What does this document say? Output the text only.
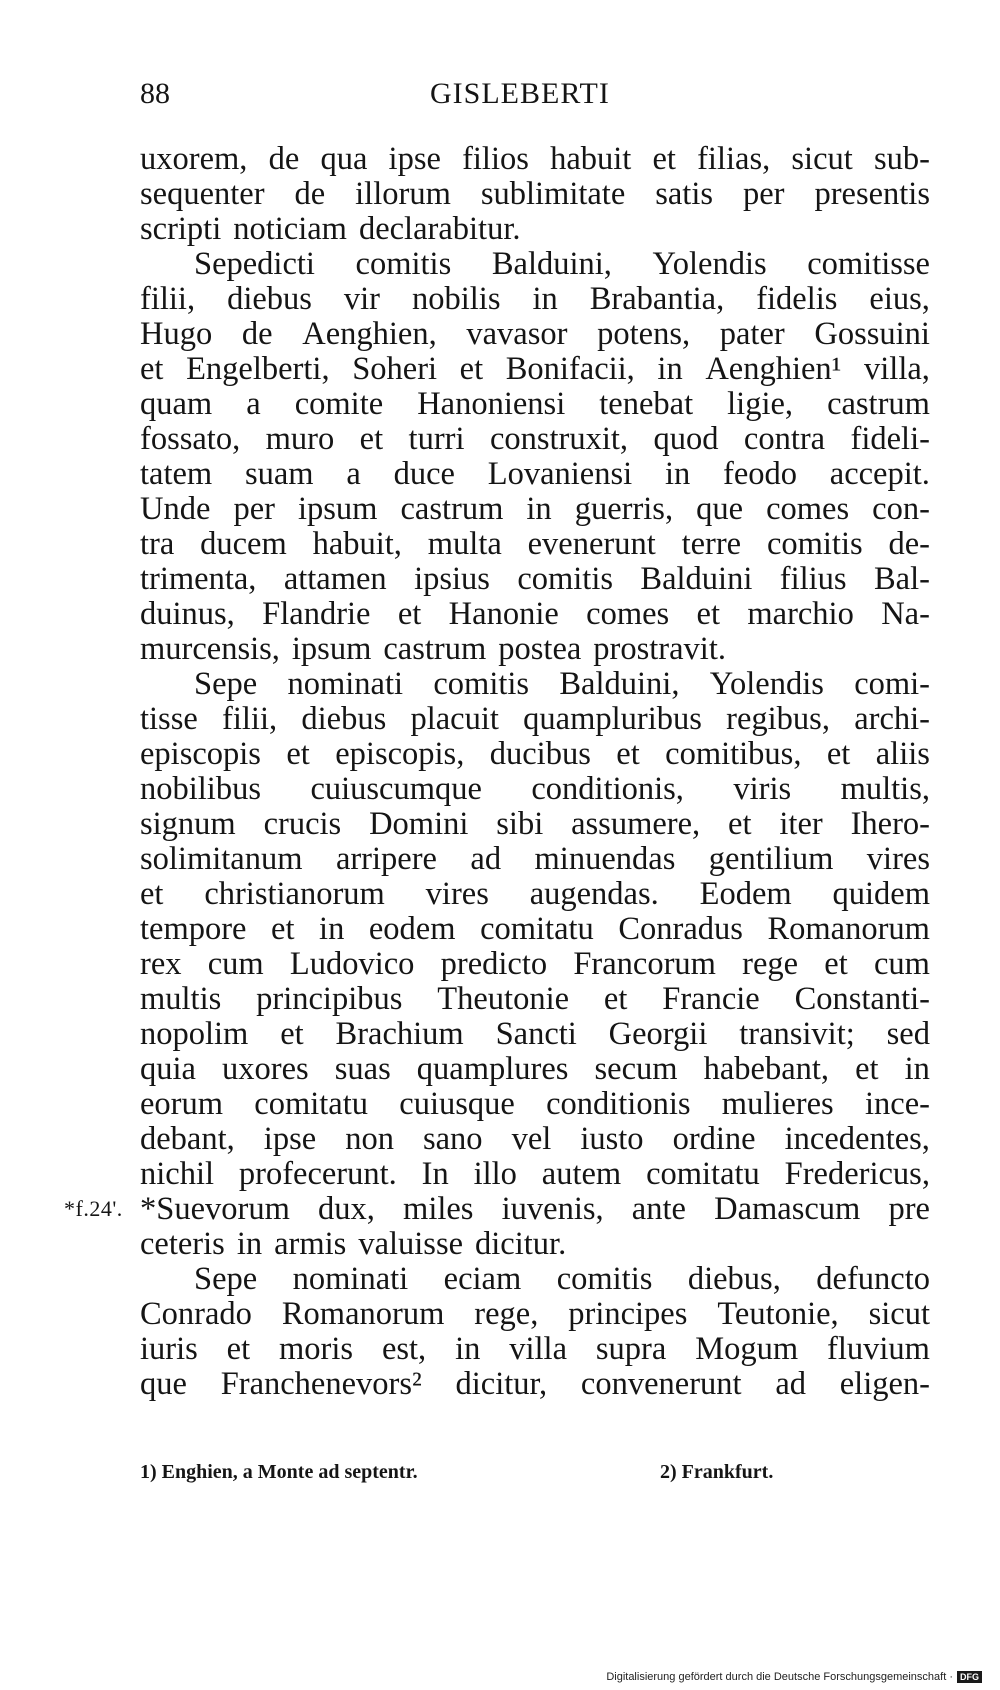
88	GISLEBERTI
*f.24'.
uxorem, de qua ipse filios habuit et filias, sicut sub-
sequenter de illorum sublimitate satis per presentis
scripti noticiam declarabitur.
Sepedicti comitis Balduini, Yolendis comitisse
filii, diebus vir nobilis in Brabantia, fidelis eius,
Hugo de Aenghien, vavasor potens, pater Gossuini
et Engelberti, Soheri et Bonifacii, in Aenghien¹ villa,
quam a comite Hanoniensi tenebat ligie, castrum
fossato, muro et turri construxit, quod contra fideli-
tatem suam a duce Lovaniensi in feodo accepit.
Unde per ipsum castrum in guerris, que comes con-
tra ducem habuit, multa evenerunt terre comitis de-
trimenta, attamen ipsius comitis Balduini filius Bal-
duinus, Flandrie et Hanonie comes et marchio Na-
murcensis, ipsum castrum postea prostravit.
Sepe nominati comitis Balduini, Yolendis comi-
tisse filii, diebus placuit quampluribus regibus, archi-
episcopis et episcopis, ducibus et comitibus, et aliis
nobilibus cuiuscumque conditionis, viris multis,
signum crucis Domini sibi assumere, et iter Ihero-
solimitanum arripere ad minuendas gentilium vires
et christianorum vires augendas. Eodem quidem
tempore et in eodem comitatu Conradus Romanorum
rex cum Ludovico predicto Francorum rege et cum
multis principibus Theutonie et Francie Constanti-
nopolim et Brachium Sancti Georgii transivit; sed
quia uxores suas quamplures secum habebant, et in
eorum comitatu cuiusque conditionis mulieres ince-
debant, ipse non sano vel iusto ordine incedentes,
nichil profecerunt. In illo autem comitatu Fredericus,
*Suevorum dux, miles iuvenis, ante Damascum pre
ceteris in armis valuisse dicitur.
Sepe nominati eciam comitis diebus, defuncto
Conrado Romanorum rege, principes Teutonie, sicut
iuris et moris est, in villa supra Mogum fluvium
que Franchenevors² dicitur, convenerunt ad eligen-
1) Enghien, a Monte ad septentr.	2) Frankfurt.
Digitalisierung gefördert durch die Deutsche Forschungsgemeinschaft · DFG
